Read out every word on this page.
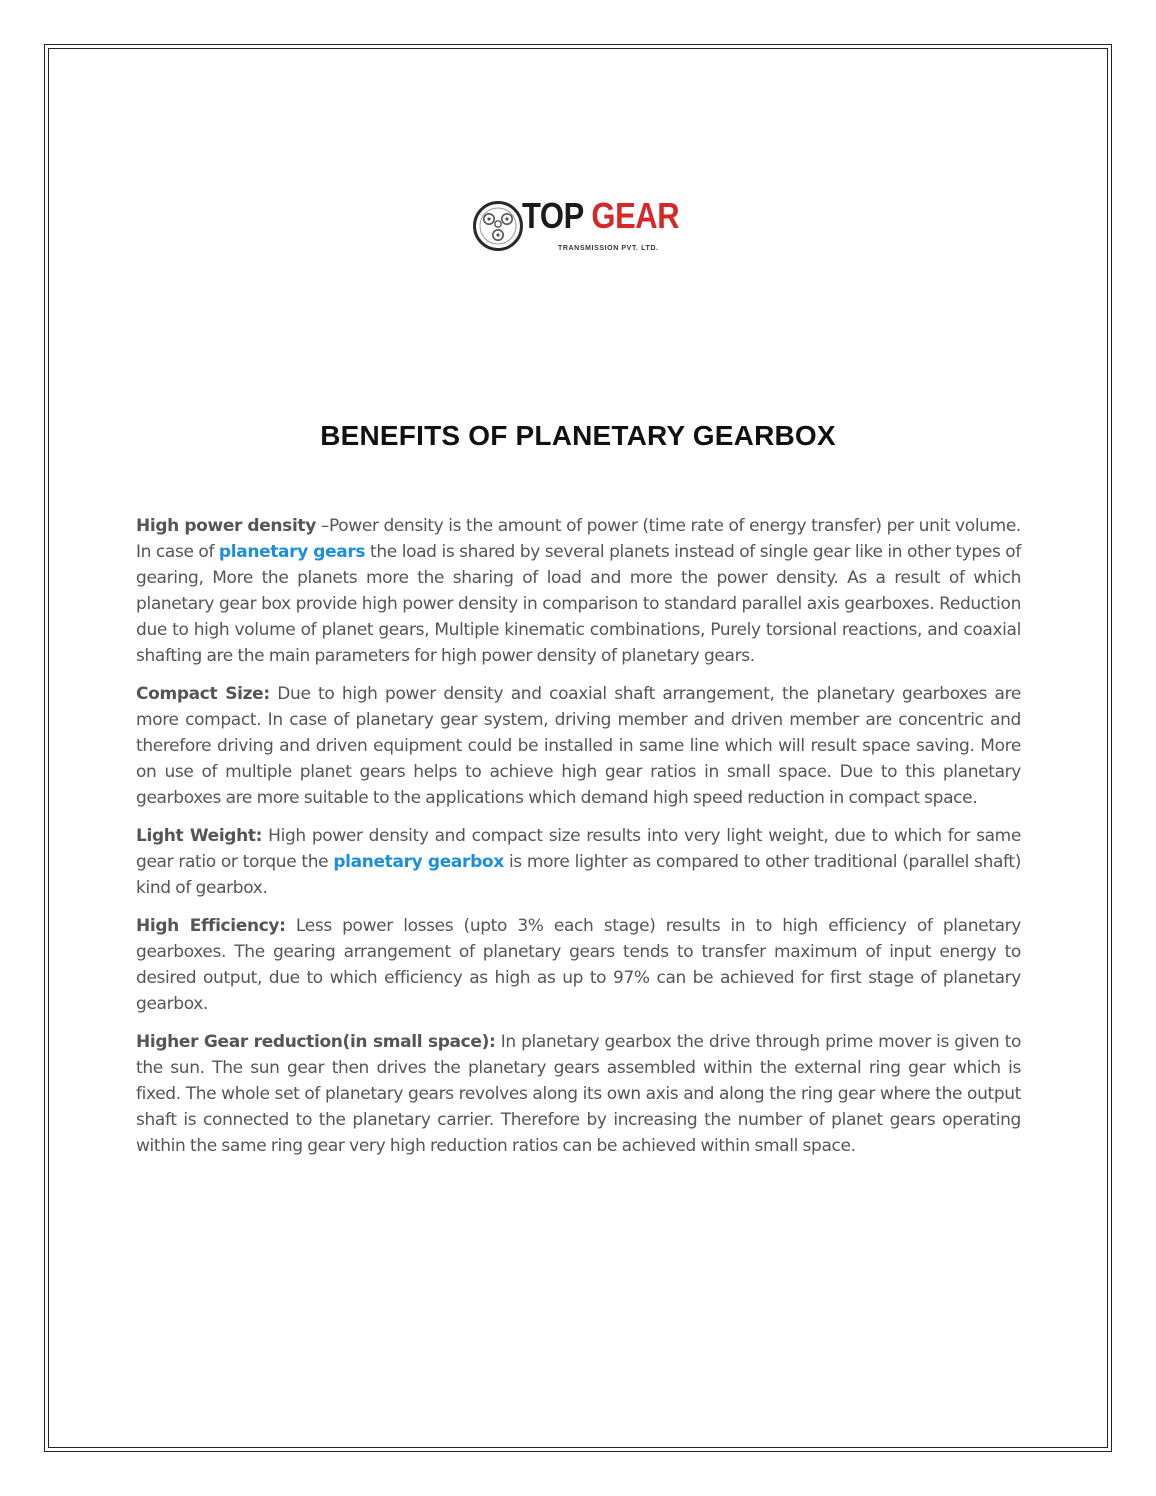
TOP GEAR
TRANSMISSION PVT. LTD.
BENEFITS OF PLANETARY GEARBOX

High power density –Power density is the amount of power (time rate of energy transfer) per unit volume. In case of planetary gears the load is shared by several planets instead of single gear like in other types of gearing, More the planets more the sharing of load and more the power density. As a result of which planetary gear box provide high power density in comparison to standard parallel axis gearboxes. Reduction due to high volume of planet gears, Multiple kinematic combinations, Purely torsional reactions, and coaxial shafting are the main parameters for high power density of planetary gears.

Compact Size: Due to high power density and coaxial shaft arrangement, the planetary gearboxes are more compact. In case of planetary gear system, driving member and driven member are concentric and therefore driving and driven equipment could be installed in same line which will result space saving. More on use of multiple planet gears helps to achieve high gear ratios in small space. Due to this planetary gearboxes are more suitable to the applications which demand high speed reduction in compact space.

Light Weight: High power density and compact size results into very light weight, due to which for same gear ratio or torque the planetary gearbox is more lighter as compared to other traditional (parallel shaft) kind of gearbox.

High Efficiency: Less power losses (upto 3% each stage) results in to high efficiency of planetary gearboxes. The gearing arrangement of planetary gears tends to transfer maximum of input energy to desired output, due to which efficiency as high as up to 97% can be achieved for first stage of planetary gearbox.

Higher Gear reduction(in small space): In planetary gearbox the drive through prime mover is given to the sun. The sun gear then drives the planetary gears assembled within the external ring gear which is fixed. The whole set of planetary gears revolves along its own axis and along the ring gear where the output shaft is connected to the planetary carrier. Therefore by increasing the number of planet gears operating within the same ring gear very high reduction ratios can be achieved within small space.
